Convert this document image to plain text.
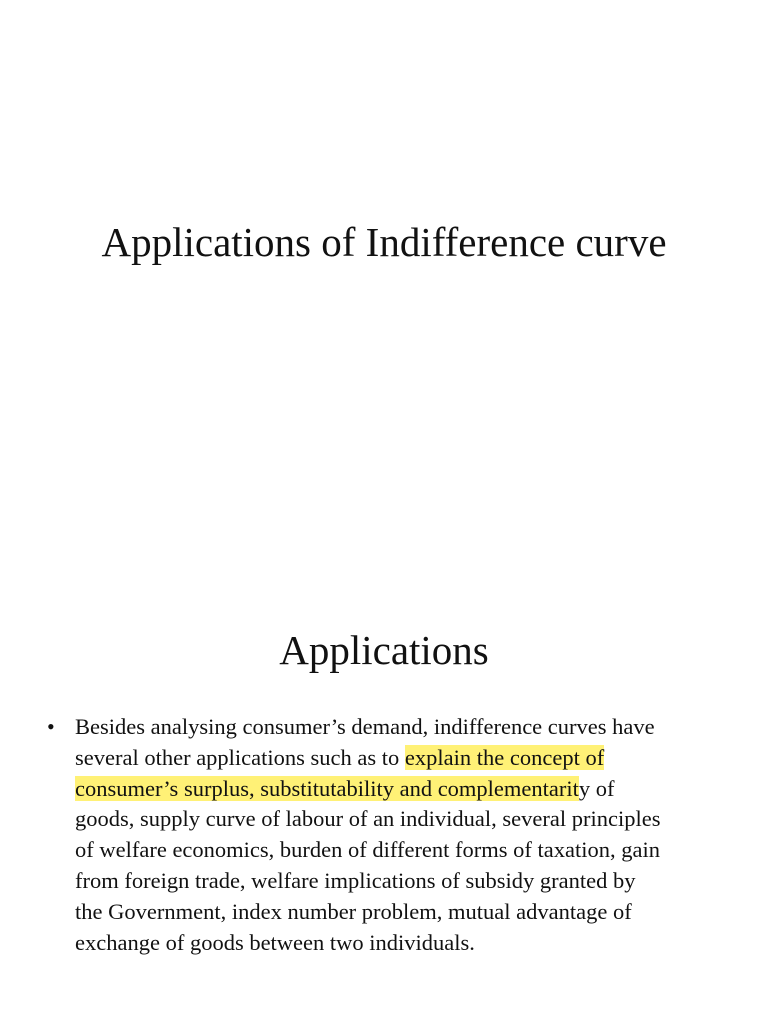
Applications of Indifference curve
Applications
• Besides analysing consumer’s demand, indifference curves have
several other applications such as to explain the concept of
consumer’s surplus, substitutability and complementarity of
goods, supply curve of labour of an individual, several principles
of welfare economics, burden of different forms of taxation, gain
from foreign trade, welfare implications of subsidy granted by
the Government, index number problem, mutual advantage of
exchange of goods between two individuals.
